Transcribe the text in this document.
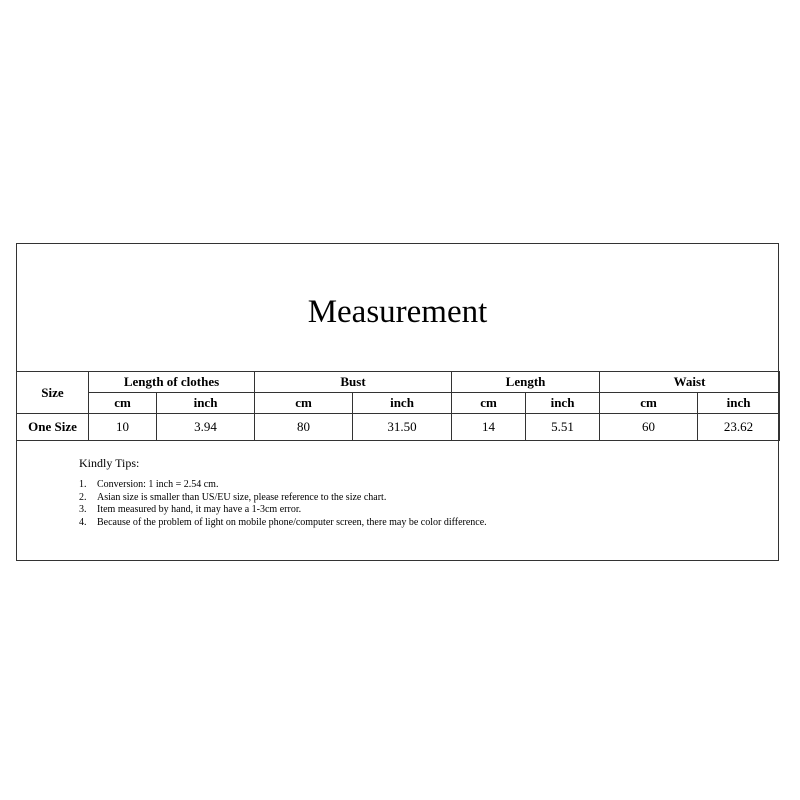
Measurement
Size	Length of clothes		Bust		Length		Waist	
	cm	inch	cm	inch	cm	inch	cm	inch
One Size	10	3.94	80	31.50	14	5.51	60	23.62
Kindly Tips:
1.	Conversion: 1 inch = 2.54 cm.
2.	Asian size is smaller than US/EU size, please reference to the size chart.
3.	Item measured by hand, it may have a 1-3cm error.
4.	Because of the problem of light on mobile phone/computer screen, there may be color difference.
